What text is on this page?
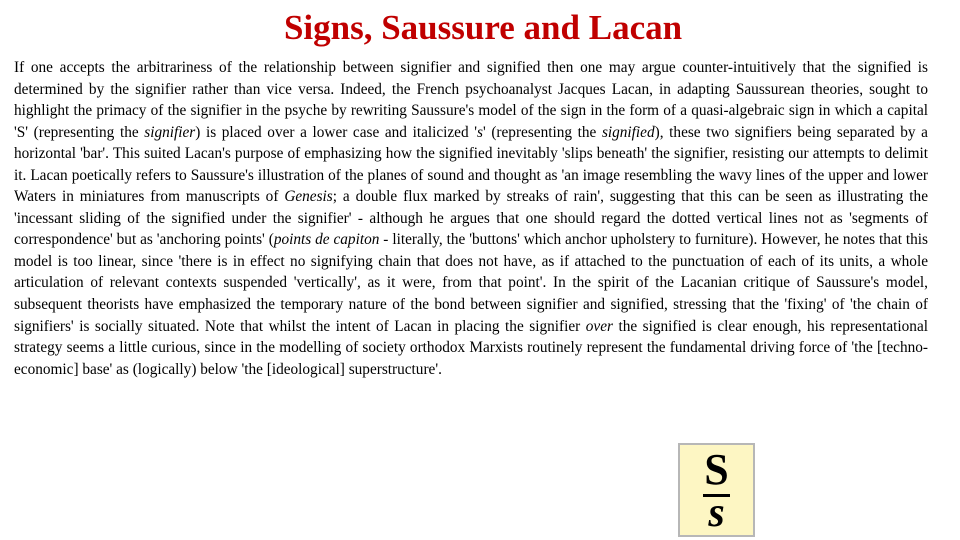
Signs, Saussure and Lacan

If one accepts the arbitrariness of the relationship between signifier and signified then one may argue counter-intuitively that the signified is determined by the signifier rather than vice versa. Indeed, the French psychoanalyst Jacques Lacan, in adapting Saussurean theories, sought to highlight the primacy of the signifier in the psyche by rewriting Saussure's model of the sign in the form of a quasi-algebraic sign in which a capital 'S' (representing the signifier) is placed over a lower case and italicized 's' (representing the signified), these two signifiers being separated by a horizontal 'bar'. This suited Lacan's purpose of emphasizing how the signified inevitably 'slips beneath' the signifier, resisting our attempts to delimit it. Lacan poetically refers to Saussure's illustration of the planes of sound and thought as 'an image resembling the wavy lines of the upper and lower Waters in miniatures from manuscripts of Genesis; a double flux marked by streaks of rain', suggesting that this can be seen as illustrating the 'incessant sliding of the signified under the signifier' - although he argues that one should regard the dotted vertical lines not as 'segments of correspondence' but as 'anchoring points' (points de capiton - literally, the 'buttons' which anchor upholstery to furniture). However, he notes that this model is too linear, since 'there is in effect no signifying chain that does not have, as if attached to the punctuation of each of its units, a whole articulation of relevant contexts suspended 'vertically', as it were, from that point'. In the spirit of the Lacanian critique of Saussure's model, subsequent theorists have emphasized the temporary nature of the bond between signifier and signified, stressing that the 'fixing' of 'the chain of signifiers' is socially situated. Note that whilst the intent of Lacan in placing the signifier over the signified is clear enough, his representational strategy seems a little curious, since in the modelling of society orthodox Marxists routinely represent the fundamental driving force of 'the [techno-economic] base' as (logically) below 'the [ideological] superstructure'.

S
s
